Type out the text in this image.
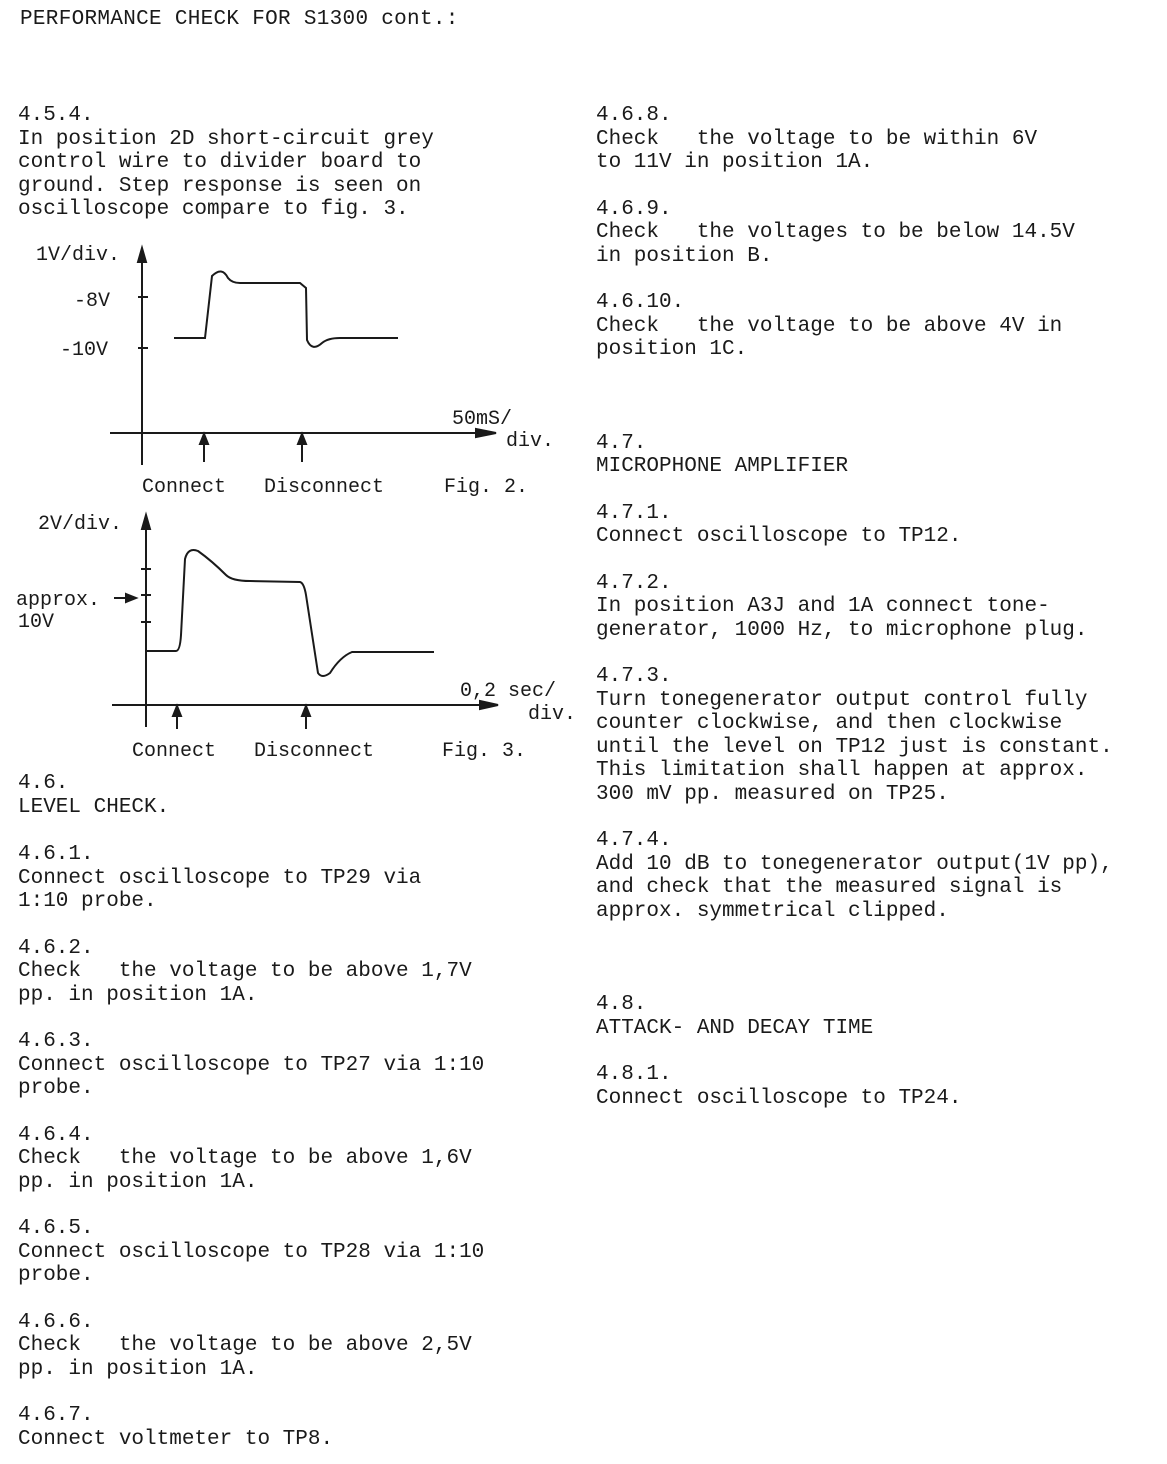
PERFORMANCE CHECK FOR S1300 cont.:
4.5.4.
In position 2D short-circuit grey
control wire to divider board to
ground. Step response is seen on
oscilloscope compare to fig. 3.
1V/div.
-8V
-10V
50mS/
div.
Connect Disconnect	Fig. 2.
2V/div.
approx.
10V
0,2 sec/
div.
Connect Disconnect	Fig. 3.
4.6.
LEVEL CHECK.
4.6.1.
Connect oscilloscope to TP29 via
1:10 probe.
4.6.2.
Check   the voltage to be above 1,7V
pp. in position 1A.
4.6.3.
Connect oscilloscope to TP27 via 1:10
probe.
4.6.4.
Check   the voltage to be above 1,6V
pp. in position 1A.
4.6.5.
Connect oscilloscope to TP28 via 1:10
probe.
4.6.6.
Check   the voltage to be above 2,5V
pp. in position 1A.
4.6.7.
Connect voltmeter to TP8.
4.6.8.
Check   the voltage to be within 6V
to 11V in position 1A.
4.6.9.
Check   the voltages to be below 14.5V
in position B.
4.6.10.
Check   the voltage to be above 4V in
position 1C.
4.7.
MICROPHONE AMPLIFIER
4.7.1.
Connect oscilloscope to TP12.
4.7.2.
In position A3J and 1A connect tone-
generator, 1000 Hz, to microphone plug.
4.7.3.
Turn tonegenerator output control fully
counter clockwise, and then clockwise
until the level on TP12 just is constant.
This limitation shall happen at approx.
300 mV pp. measured on TP25.
4.7.4.
Add 10 dB to tonegenerator output(1V pp),
and check that the measured signal is
approx. symmetrical clipped.
4.8.
ATTACK- AND DECAY TIME
4.8.1.
Connect oscilloscope to TP24.
